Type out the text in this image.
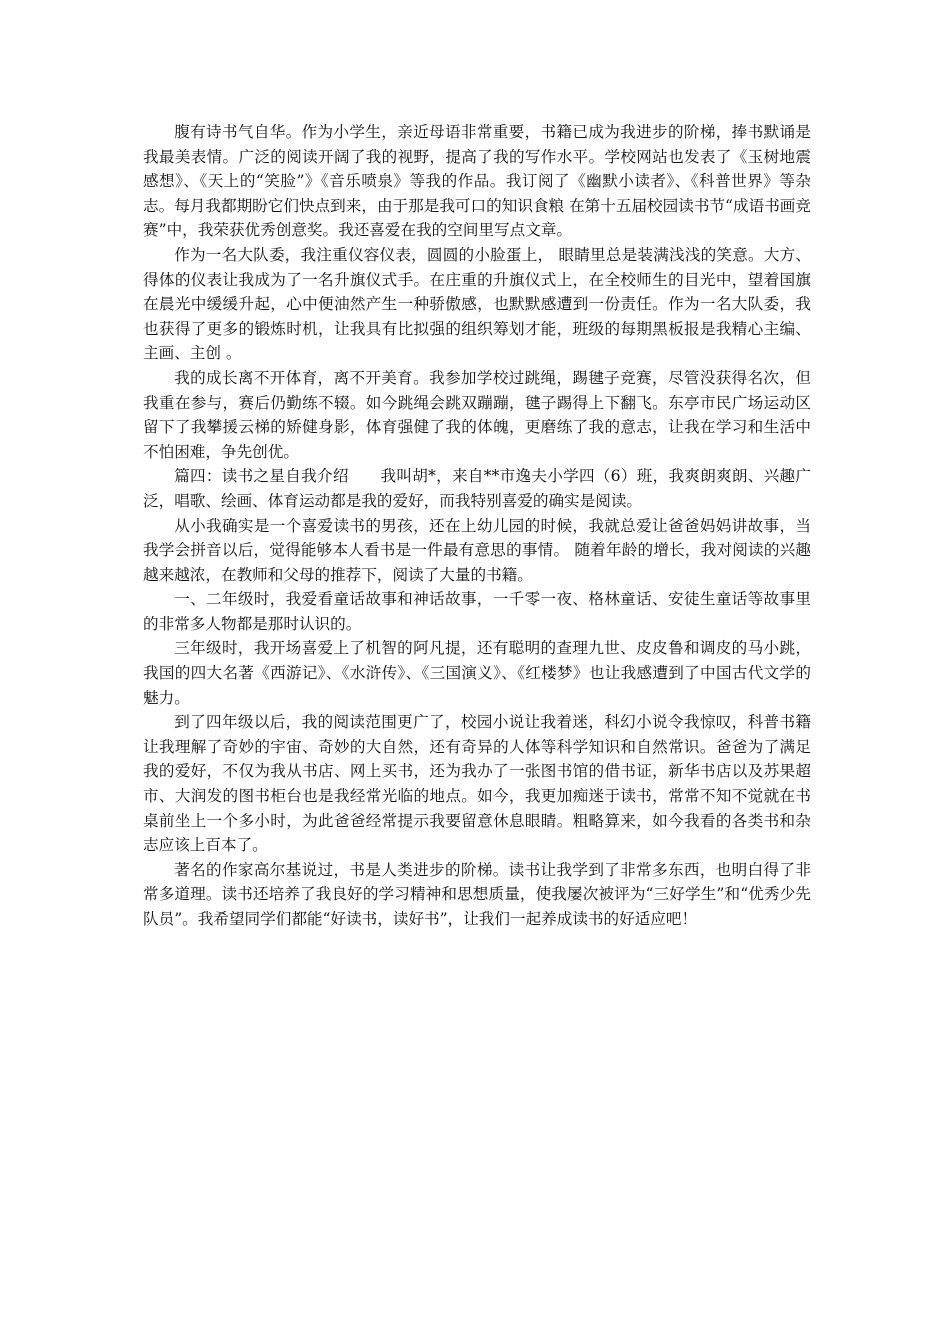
腹有诗书气自华。作为小学生，亲近母语非常重要，书籍已成为我进步的阶梯，捧书默诵是我最美表情。广泛的阅读开阔了我的视野，提高了我的写作水平。学校网站也发表了《玉树地震感想》、《天上的“笑脸”》《音乐喷泉》等我的作品。我订阅了《幽默小读者》、《科普世界》等杂志。每月我都期盼它们快点到来，由于那是我可口的知识食粮 在第十五届校园读书节“成语书画竞赛”中，我荣获优秀创意奖。我还喜爱在我的空间里写点文章。

作为一名大队委，我注重仪容仪表，圆圆的小脸蛋上， 眼睛里总是装满浅浅的笑意。大方、得体的仪表让我成为了一名升旗仪式手。在庄重的升旗仪式上，在全校师生的目光中，望着国旗在晨光中缓缓升起，心中便油然产生一种骄傲感，也默默感遭到一份责任。作为一名大队委，我也获得了更多的锻炼时机，让我具有比拟强的组织筹划才能，班级的每期黑板报是我精心主编、主画、主创 。

我的成长离不开体育，离不开美育。我参加学校过跳绳，踢毽子竞赛，尽管没获得名次，但我重在参与，赛后仍勤练不辍。如今跳绳会跳双蹦蹦，毽子踢得上下翻飞。东亭市民广场运动区留下了我攀援云梯的矫健身影，体育强健了我的体魄，更磨练了我的意志，让我在学习和生活中不怕困难，争先创优。

篇四：读书之星自我介绍　　我叫胡*，来自**市逸夫小学四（6）班，我爽朗爽朗、兴趣广泛，唱歌、绘画、体育运动都是我的爱好，而我特别喜爱的确实是阅读。

从小我确实是一个喜爱读书的男孩，还在上幼儿园的时候，我就总爱让爸爸妈妈讲故事，当我学会拼音以后，觉得能够本人看书是一件最有意思的事情。 随着年龄的增长，我对阅读的兴趣越来越浓，在教师和父母的推荐下，阅读了大量的书籍。

一、二年级时，我爱看童话故事和神话故事，一千零一夜、格林童话、安徒生童话等故事里的非常多人物都是那时认识的。

三年级时，我开场喜爱上了机智的阿凡提，还有聪明的查理九世、皮皮鲁和调皮的马小跳，我国的四大名著《西游记》、《水浒传》、《三国演义》、《红楼梦》也让我感遭到了中国古代文学的魅力。

到了四年级以后，我的阅读范围更广了，校园小说让我着迷，科幻小说令我惊叹，科普书籍让我理解了奇妙的宇宙、奇妙的大自然，还有奇异的人体等科学知识和自然常识。爸爸为了满足我的爱好，不仅为我从书店、网上买书，还为我办了一张图书馆的借书证，新华书店以及苏果超市、大润发的图书柜台也是我经常光临的地点。如今，我更加痴迷于读书，常常不知不觉就在书桌前坐上一个多小时，为此爸爸经常提示我要留意休息眼睛。粗略算来，如今我看的各类书和杂志应该上百本了。

著名的作家高尔基说过，书是人类进步的阶梯。读书让我学到了非常多东西，也明白得了非常多道理。读书还培养了我良好的学习精神和思想质量，使我屡次被评为“三好学生”和“优秀少先队员”。我希望同学们都能“好读书，读好书”，让我们一起养成读书的好适应吧！
